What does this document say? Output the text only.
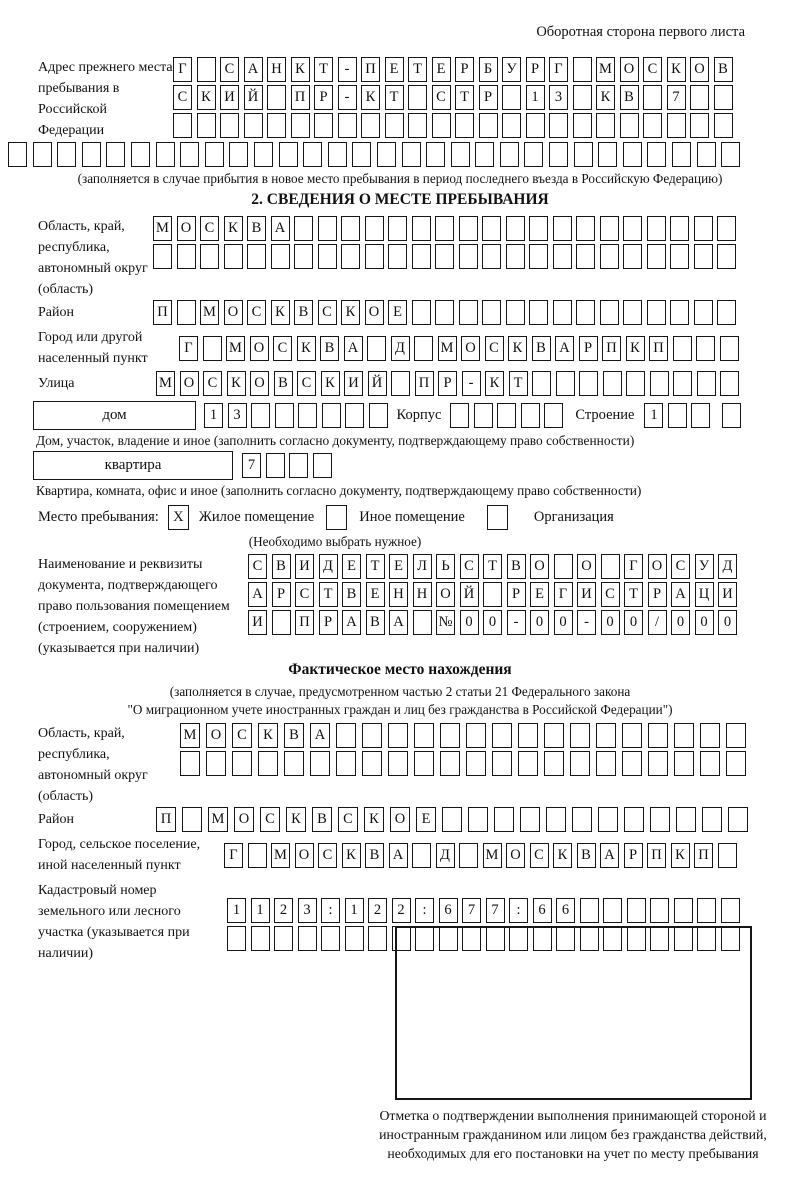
Оборотная сторона первого листа
Адрес прежнего места пребывания в Российской Федерации
Г	С А Н К Т	-	П Е	Т	Е	Р	Б У Р	Г	М О С К О В
С К И Й	П Р	-	К Т	С Т	Р	1	3	К В	7
(заполняется в случае прибытия в новое место пребывания в период последнего въезда в Российскую Федерацию)
2. СВЕДЕНИЯ О МЕСТЕ ПРЕБЫВАНИЯ
Область, край, республика, автономный округ (область)
М О С К В А
Район	П М О С К В С К О Е
Город или другой населенный пункт
Г	М О С К В А	Д	М О С К В А Р П К П
Улица	М О С К О В С К И Й	П Р	-	К Т
дом	1	3	Корпус	Строение	1
Дом, участок, владение и иное (заполнить согласно документу, подтверждающему право собственности)
квартира	7
Квартира, комната, офис и иное (заполнить согласно документу, подтверждающему право собственности)
Место пребывания: X	Жилое помещение	Иное помещение	Организация
(Необходимо выбрать нужное)
Наименование и реквизиты документа, подтверждающего право пользования помещением (строением, сооружением) (указывается при наличии)
С В И Д Е	Т	Е Л Ь	С Т В О	О	Г О С У Д
А Р	С Т В Е Н Н О Й	Р	Е	Г И С Т	Р А Ц И
И	П Р А В А № 0	0	-	0	0	-	0	0	/	0	0	0
Фактическое место нахождения
(заполняется в случае, предусмотренном частью 2 статьи 21 Федерального закона
"О миграционном учете иностранных граждан и лиц без гражданства в Российской Федерации")
Область, край, республика, автономный округ (область)
М О	С	К	В	А
Район	П	М О	С	К	В	С	К	О	Е
Город, сельское поселение, иной населенный пункт
Г	М О С К В А	Д	М О С К В А Р П К П
Кадастровый номер земельного или лесного участка (указывается при наличии)
1	1	2	3	:	1	2	2	:	6	7	7	:	6	6
Отметка о подтверждении выполнения принимающей стороной и иностранным гражданином или лицом без гражданства действий, необходимых для его постановки на учет по месту пребывания
